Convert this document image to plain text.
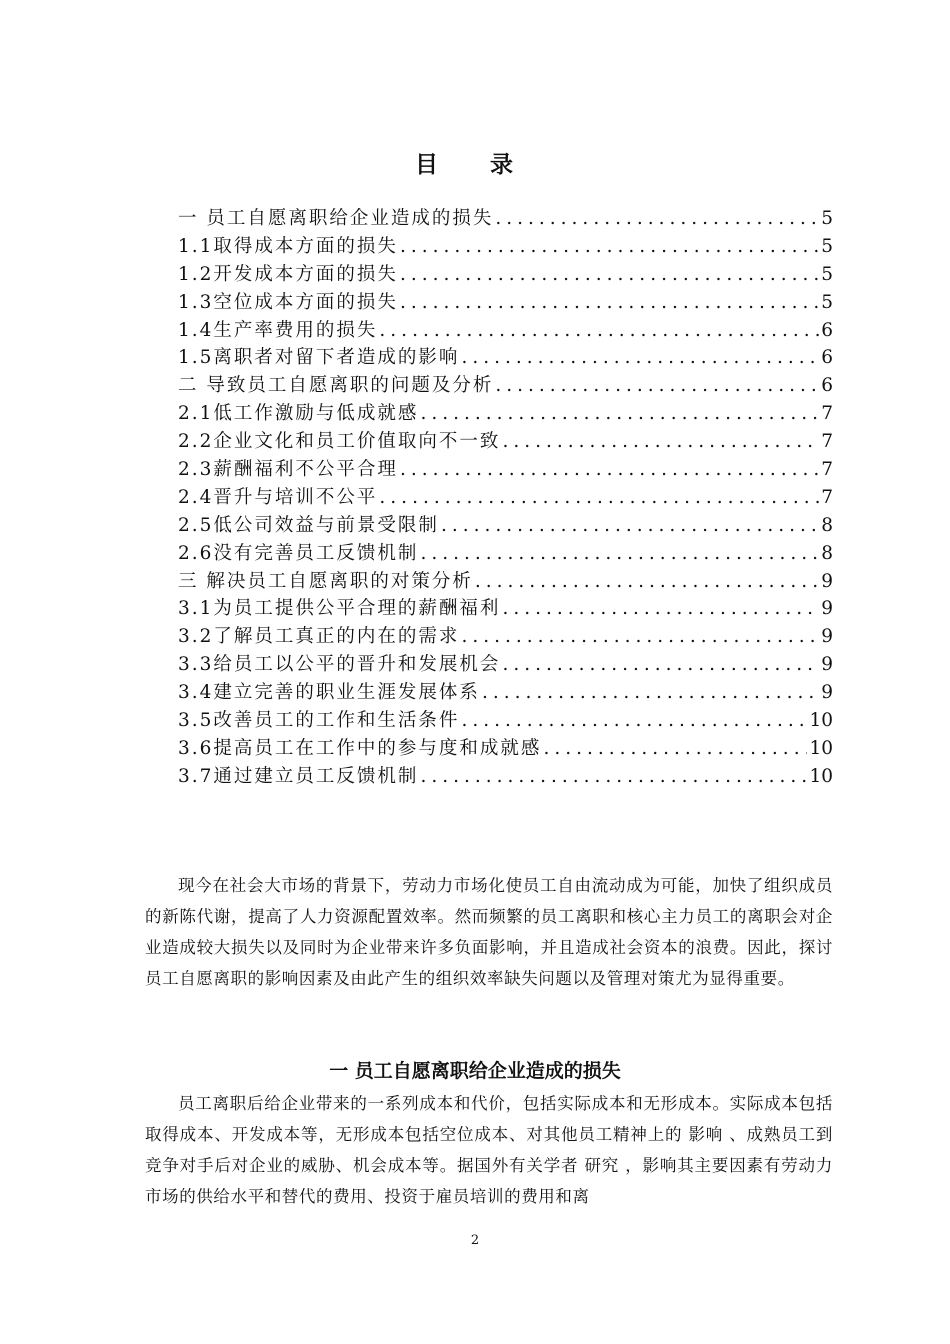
目 录
一 员工自愿离职给企业造成的损失 .....	5
1.1取得成本方面的损失 .....	5
1.2开发成本方面的损失 .....	5
1.3空位成本方面的损失 .....	5
1.4生产率费用的损失 .....	6
1.5离职者对留下者造成的影响 .....	6
二 导致员工自愿离职的问题及分析 .....	6
2.1低工作激励与低成就感 .....	7
2.2企业文化和员工价值取向不一致 .....	7
2.3薪酬福利不公平合理 .....	7
2.4晋升与培训不公平 .....	7
2.5低公司效益与前景受限制 .....	8
2.6没有完善员工反馈机制 .....	8
三 解决员工自愿离职的对策分析 .....	9
3.1为员工提供公平合理的薪酬福利 .....	9
3.2了解员工真正的内在的需求 .....	9
3.3给员工以公平的晋升和发展机会 .....	9
3.4建立完善的职业生涯发展体系 .....	9
3.5改善员工的工作和生活条件 .....	10
3.6提高员工在工作中的参与度和成就感 .....	10
3.7通过建立员工反馈机制 .....	10
现今在社会大市场的背景下，劳动力市场化使员工自由流动成为可能，加快了组织成员的新陈代谢，提高了人力资源配置效率。然而频繁的员工离职和核心主力员工的离职会对企业造成较大损失以及同时为企业带来许多负面影响，并且造成社会资本的浪费。因此，探讨员工自愿离职的影响因素及由此产生的组织效率缺失问题以及管理对策尤为显得重要。
一 员工自愿离职给企业造成的损失
员工离职后给企业带来的一系列成本和代价，包括实际成本和无形成本。实际成本包括取得成本、开发成本等，无形成本包括空位成本、对其他员工精神上的 影响 、成熟员工到竞争对手后对企业的威胁、机会成本等。据国外有关学者 研究 ，影响其主要因素有劳动力市场的供给水平和替代的费用、投资于雇员培训的费用和离
2
